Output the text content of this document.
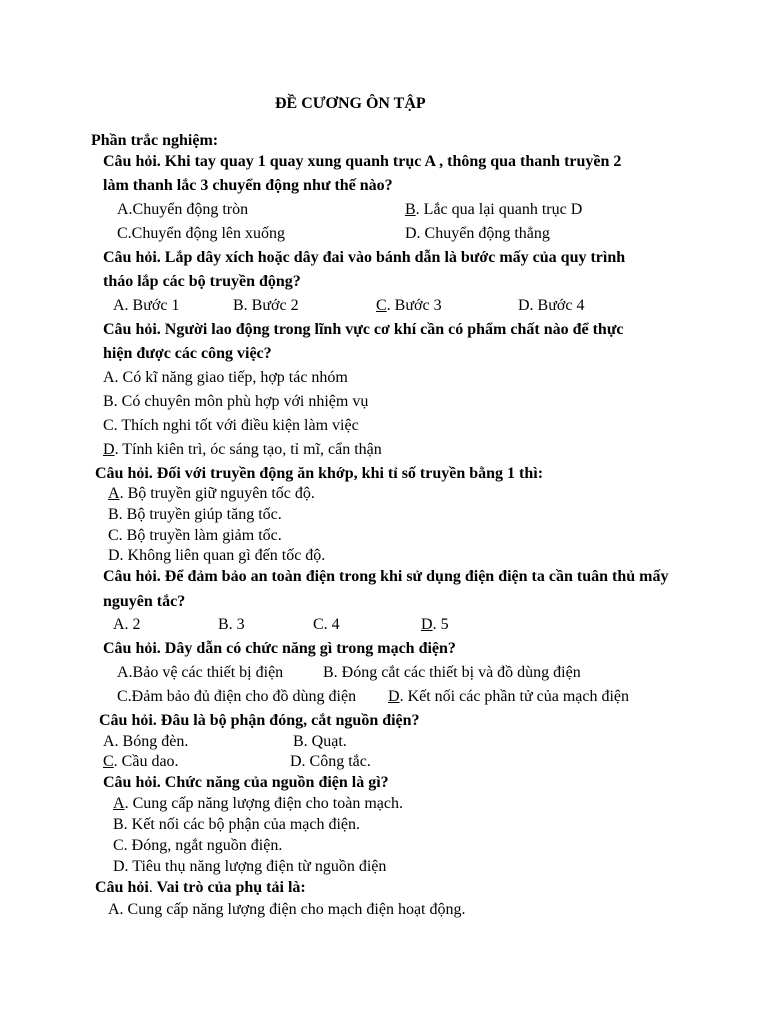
ĐỀ CƯƠNG ÔN TẬP
Phần trắc nghiệm:
Câu hỏi. Khi tay quay 1 quay xung quanh trục A , thông qua thanh truyền 2
làm thanh lắc 3 chuyển động như thế nào?
A.Chuyển động tròn	B. Lắc qua lại quanh trục D
C.Chuyển động lên xuống	D. Chuyển động thẳng
Câu hỏi. Lắp dây xích hoặc dây đai vào bánh dẫn là bước mấy của quy trình
tháo lắp các bộ truyền động?
A. Bước 1	B. Bước 2	C. Bước 3	D. Bước 4
Câu hỏi. Người lao động trong lĩnh vực cơ khí cần có phẩm chất nào để thực
hiện được các công việc?
A. Có kĩ năng giao tiếp, hợp tác nhóm
B. Có chuyên môn phù hợp với nhiệm vụ
C. Thích nghi tốt với điều kiện làm việc
D. Tính kiên trì, óc sáng tạo, tỉ mĩ, cẩn thận
Câu hỏi. Đối với truyền động ăn khớp, khi tỉ số truyền bằng 1 thì:
A. Bộ truyền giữ nguyên tốc độ.
B. Bộ truyền giúp tăng tốc.
C. Bộ truyền làm giảm tốc.
D. Không liên quan gì đến tốc độ.
Câu hỏi. Để đảm bảo an toàn điện trong khi sử dụng điện điện ta cần tuân thủ mấy
nguyên tắc?
A. 2	B. 3	C. 4	D. 5
Câu hỏi. Dây dẫn có chức năng gì trong mạch điện?
A.Bảo vệ các thiết bị điện B. Đóng cắt các thiết bị và đồ dùng điện
C.Đảm bảo đủ điện cho đồ dùng điện D. Kết nối các phần tử của mạch điện
Câu hỏi. Đâu là bộ phận đóng, cắt nguồn điện?
A. Bóng đèn.	B. Quạt.
C. Cầu dao.	D. Công tắc.
Câu hỏi. Chức năng của nguồn điện là gì?
A. Cung cấp năng lượng điện cho toàn mạch.
B. Kết nối các bộ phận của mạch điện.
C. Đóng, ngắt nguồn điện.
D. Tiêu thụ năng lượng điện từ nguồn điện
Câu hỏi. Vai trò của phụ tải là:
A. Cung cấp năng lượng điện cho mạch điện hoạt động.
